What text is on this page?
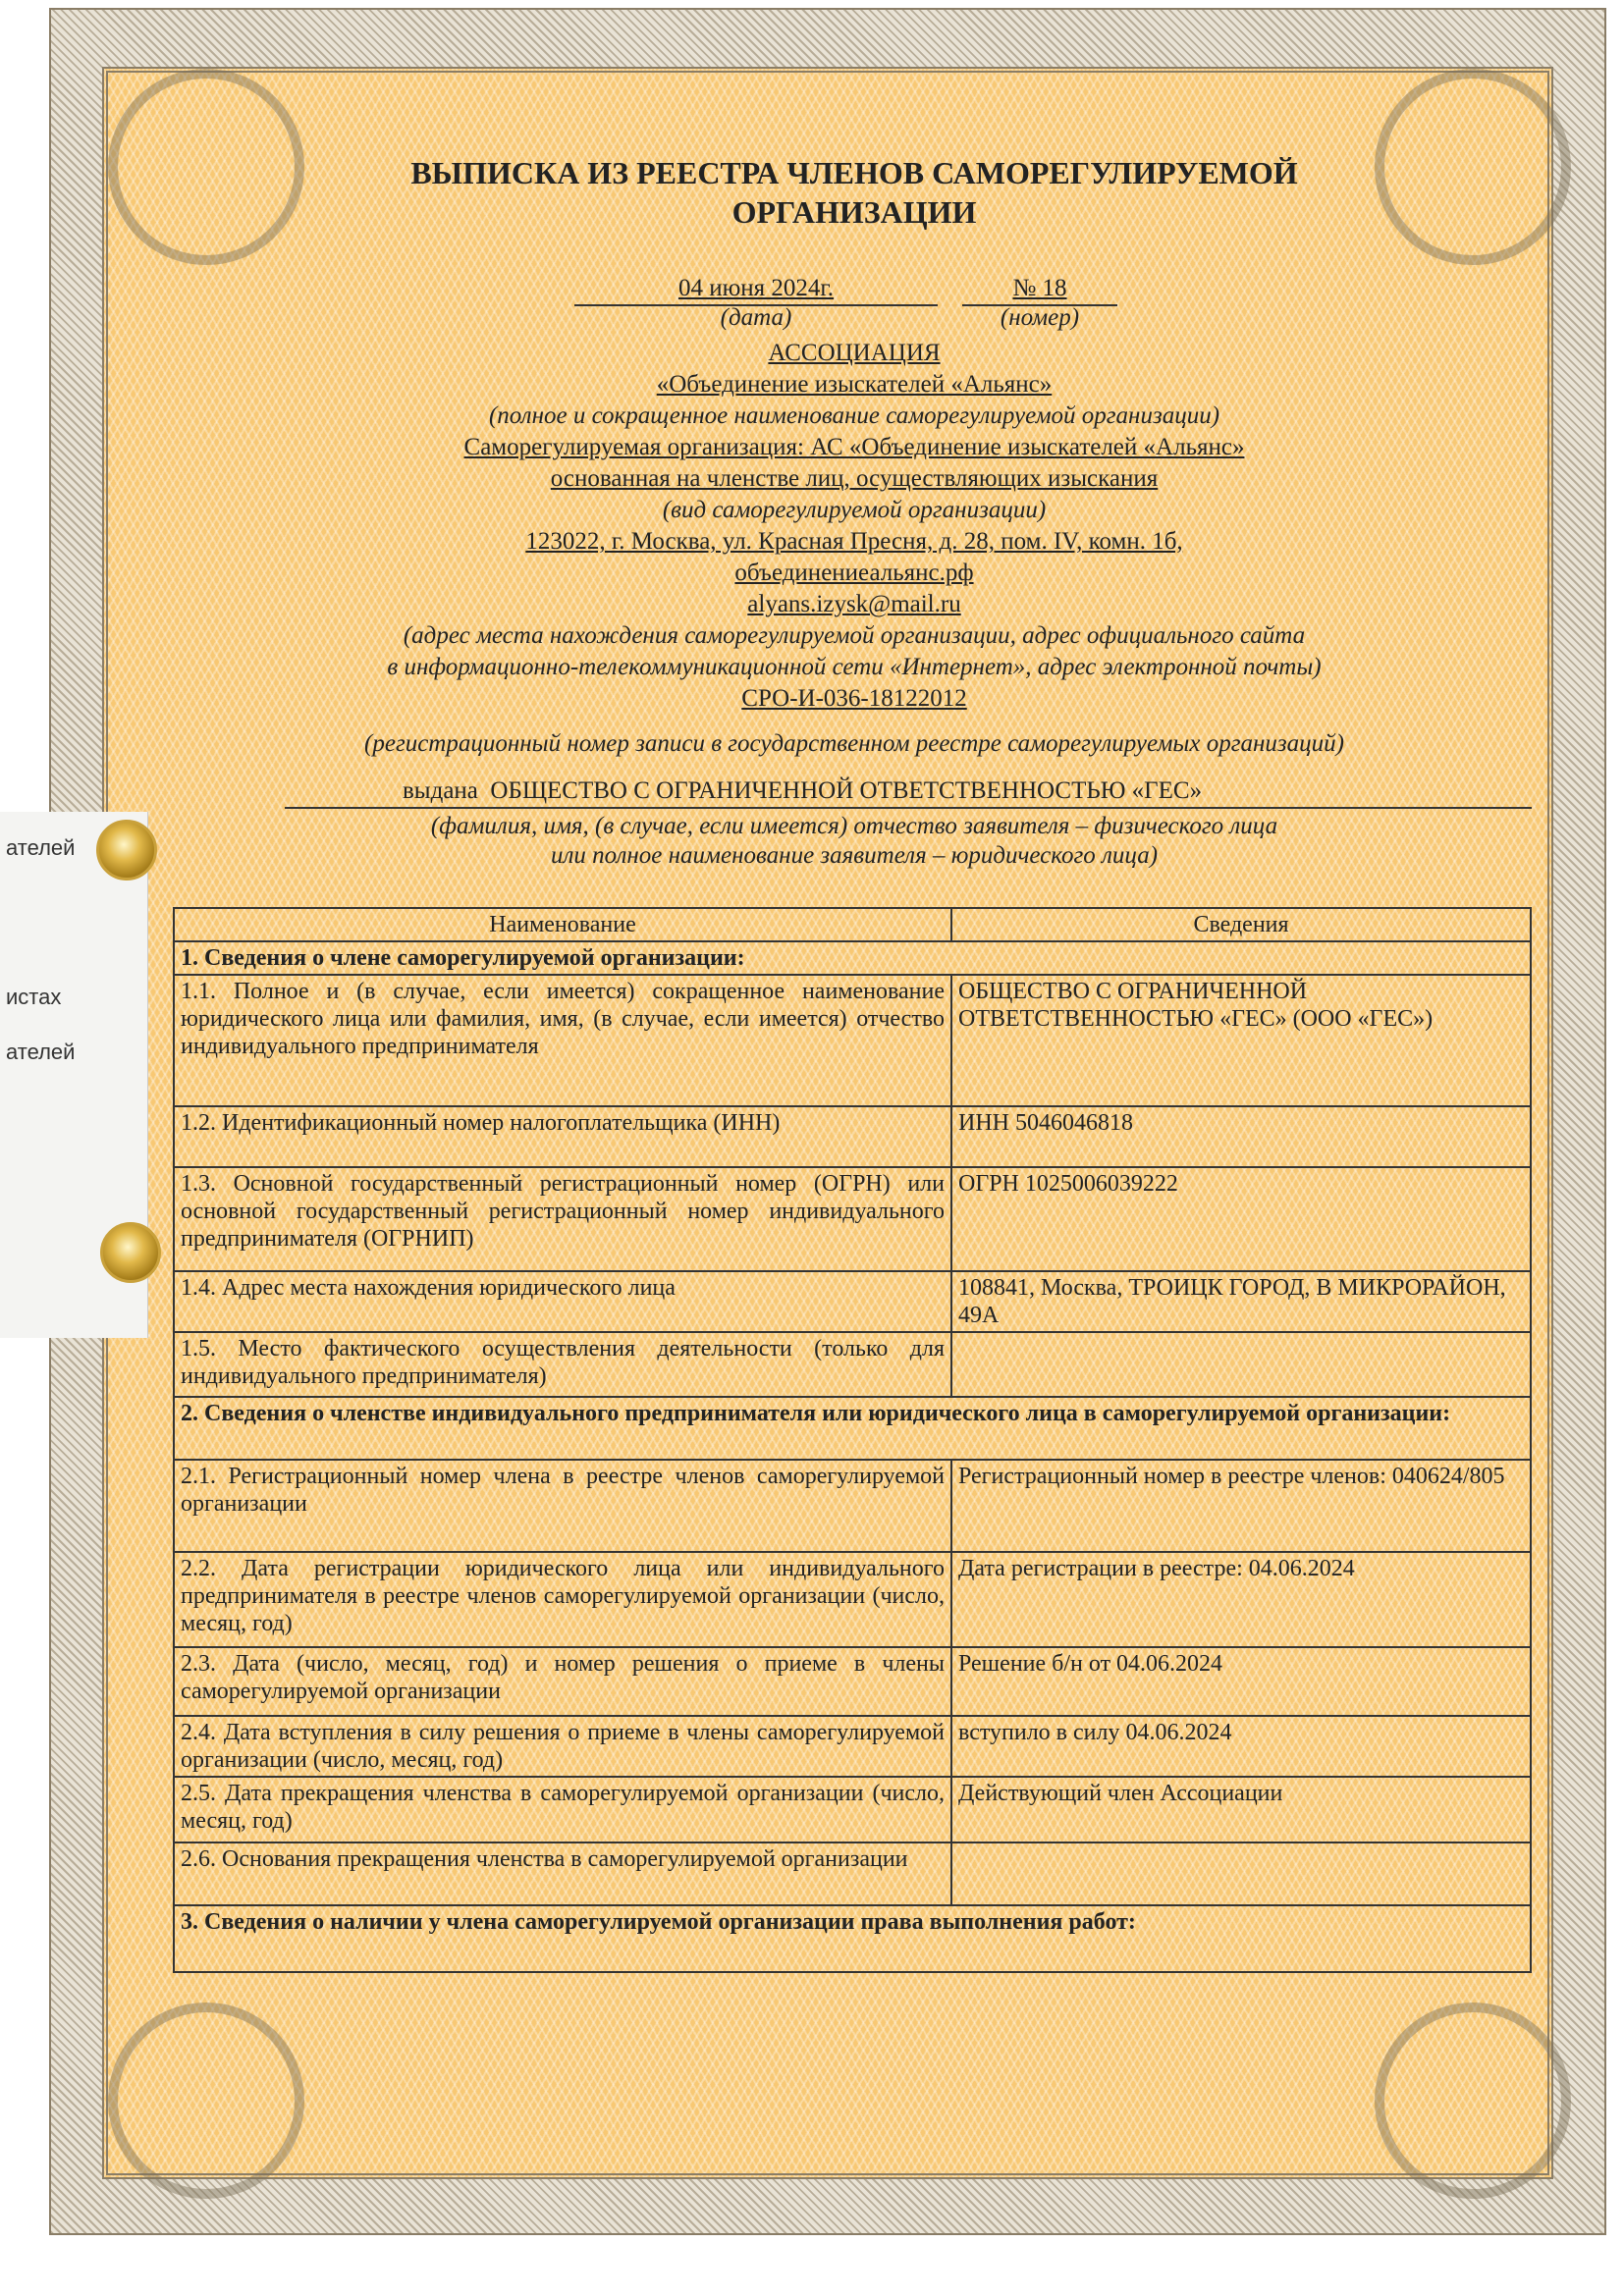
ВЫПИСКА ИЗ РЕЕСТРА ЧЛЕНОВ САМОРЕГУЛИРУЕМОЙ
ОРГАНИЗАЦИИ
04 июня 2024г.	№ 18
(дата)	(номер)
АССОЦИАЦИЯ
«Объединение изыскателей «Альянс»
(полное и сокращенное наименование саморегулируемой организации)
Саморегулируемая организация: АС «Объединение изыскателей «Альянс»
основанная на членстве лиц, осуществляющих изыскания
(вид саморегулируемой организации)
123022, г. Москва, ул. Красная Пресня, д. 28, пом. IV, комн. 1б,
объединениеальянс.рф
alyans.izysk@mail.ru
(адрес места нахождения саморегулируемой организации, адрес официального сайта
в информационно-телекоммуникационной сети «Интернет», адрес электронной почты)
СРО-И-036-18122012
(регистрационный номер записи в государственном реестре саморегулируемых организаций)
выдана ОБЩЕСТВО С ОГРАНИЧЕННОЙ ОТВЕТСТВЕННОСТЬЮ «ГЕС»
(фамилия, имя, (в случае, если имеется) отчество заявителя – физического лица
или полное наименование заявителя – юридического лица)
Наименование	Сведения
1. Сведения о члене саморегулируемой организации:	
1.1. Полное и (в случае, если имеется) сокращенное наименование юридического лица или фамилия, имя, (в случае, если имеется) отчество индивидуального предпринимателя	ОБЩЕСТВО С ОГРАНИЧЕННОЙ ОТВЕТСТВЕННОСТЬЮ «ГЕС» (ООО «ГЕС»)
1.2. Идентификационный номер налогоплательщика (ИНН)	ИНН 5046046818
1.3. Основной государственный регистрационный номер (ОГРН) или основной государственный регистрационный номер индивидуального предпринимателя (ОГРНИП)	ОГРН 1025006039222
1.4. Адрес места нахождения юридического лица	108841, Москва, ТРОИЦК ГОРОД, В МИКРОРАЙОН, 49А
1.5. Место фактического осуществления деятельности (только для индивидуального предпринимателя)	
2. Сведения о членстве индивидуального предпринимателя или юридического лица в саморегулируемой организации:	
2.1. Регистрационный номер члена в реестре членов саморегулируемой организации	Регистрационный номер в реестре членов: 040624/805
2.2. Дата регистрации юридического лица или индивидуального предпринимателя в реестре членов саморегулируемой организации (число, месяц, год)	Дата регистрации в реестре: 04.06.2024
2.3. Дата (число, месяц, год) и номер решения о приеме в члены саморегулируемой организации	Решение б/н от 04.06.2024
2.4. Дата вступления в силу решения о приеме в члены саморегулируемой организации (число, месяц, год)	вступило в силу 04.06.2024
2.5. Дата прекращения членства в саморегулируемой организации (число, месяц, год)	Действующий член Ассоциации
2.6. Основания прекращения членства в саморегулируемой организации	
3. Сведения о наличии у члена саморегулируемой организации права выполнения работ:	
ателей
истах
ателей
